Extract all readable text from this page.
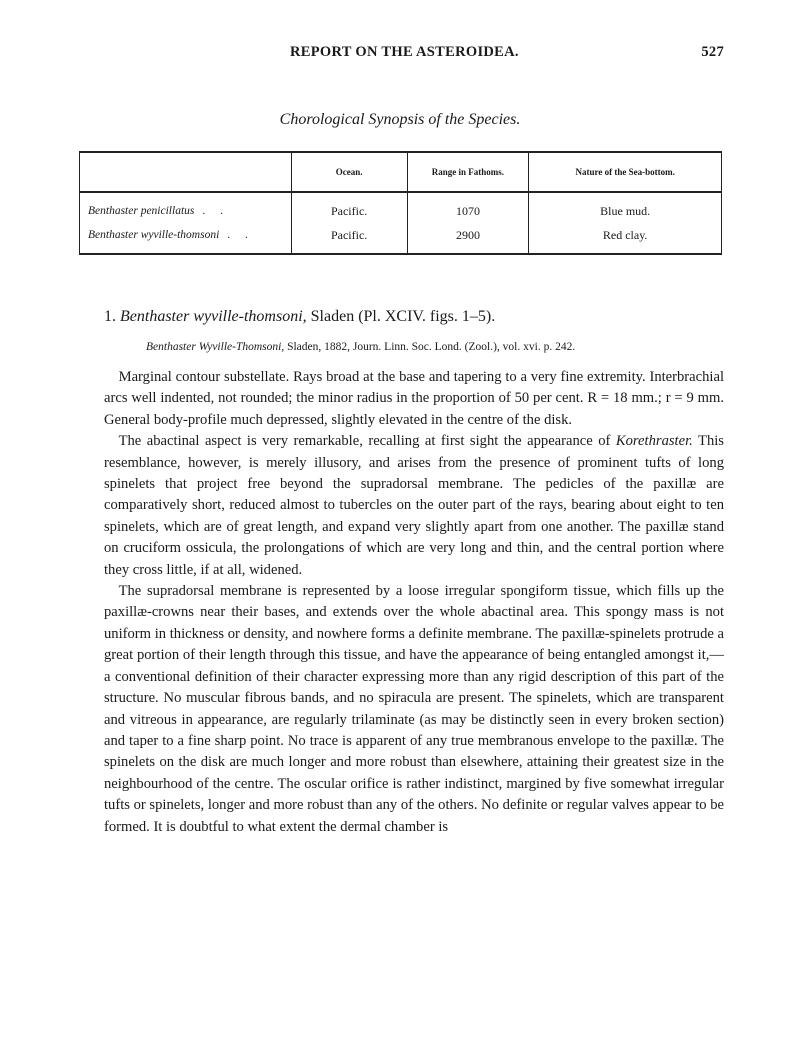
REPORT ON THE ASTEROIDEA.	527
Chorological Synopsis of the Species.
	Ocean.	Range in Fathoms.	Nature of the Sea-bottom.
Benthaster penicillatus . .	Pacific.	1070	Blue mud.
Benthaster wyville-thomsoni . .	Pacific.	2900	Red clay.
1. Benthaster wyville-thomsoni, Sladen (Pl. XCIV. figs. 1–5).
Benthaster Wyville-Thomsoni, Sladen, 1882, Journ. Linn. Soc. Lond. (Zool.), vol. xvi. p. 242.

 Marginal contour substellate. Rays broad at the base and tapering to a very fine extremity. Interbrachial arcs well indented, not rounded; the minor radius in the proportion of 50 per cent. R = 18 mm.; r = 9 mm. General body-profile much depressed, slightly elevated in the centre of the disk.

 The abactinal aspect is very remarkable, recalling at first sight the appearance of Korethraster. This resemblance, however, is merely illusory, and arises from the presence of prominent tufts of long spinelets that project free beyond the supradorsal membrane. The pedicles of the paxillæ are comparatively short, reduced almost to tubercles on the outer part of the rays, bearing about eight to ten spinelets, which are of great length, and expand very slightly apart from one another. The paxillæ stand on cruciform ossicula, the prolongations of which are very long and thin, and the central portion where they cross little, if at all, widened.

 The supradorsal membrane is represented by a loose irregular spongiform tissue, which fills up the paxillæ-crowns near their bases, and extends over the whole abactinal area. This spongy mass is not uniform in thickness or density, and nowhere forms a definite membrane. The paxillæ-spinelets protrude a great portion of their length through this tissue, and have the appearance of being entangled amongst it,—a conventional definition of their character expressing more than any rigid description of this part of the structure. No muscular fibrous bands, and no spiracula are present. The spinelets, which are transparent and vitreous in appearance, are regularly trilaminate (as may be distinctly seen in every broken section) and taper to a fine sharp point. No trace is apparent of any true membranous envelope to the paxillæ. The spinelets on the disk are much longer and more robust than elsewhere, attaining their greatest size in the neighbourhood of the centre. The oscular orifice is rather indistinct, margined by five somewhat irregular tufts or spinelets, longer and more robust than any of the others. No definite or regular valves appear to be formed. It is doubtful to what extent the dermal chamber is
